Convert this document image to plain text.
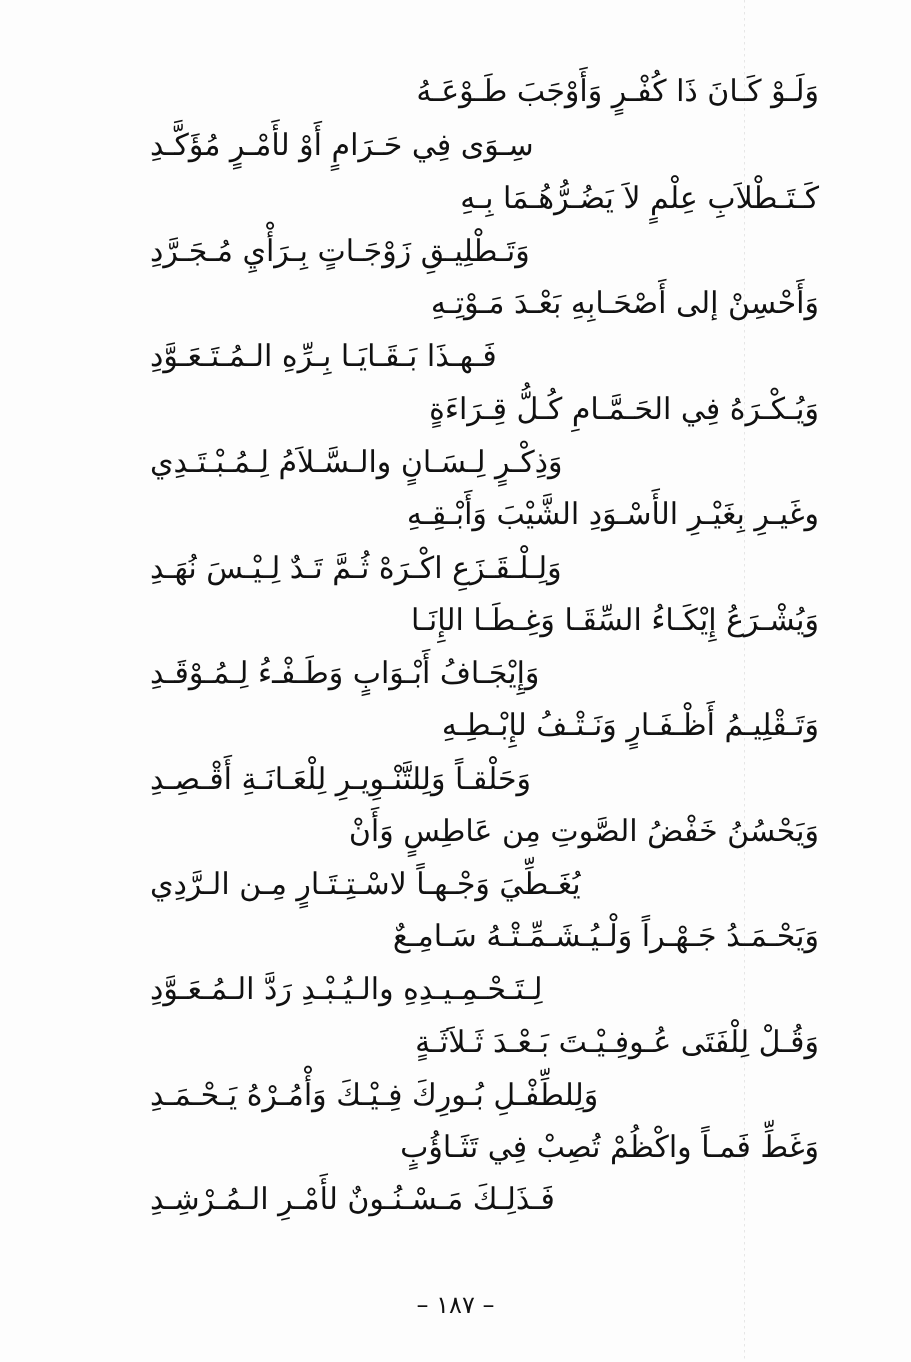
وَلَـوْ كَـانَ ذَا كُفْـرٍ وَأَوْجَبَ طَـوْعَـهُ
سِـوَى فِي حَـرَامٍ أَوْ لأَمْـرٍ مُؤَكَّـدِ
كَـتَـطْلاَبِ عِلْمٍ لاَ يَضُـرُّهُـمَا بِـهِ
وَتَـطْلِيـقِ زَوْجَـاتٍ بِـرَأْيِ مُـجَـرَّدِ
وَأَحْسِنْ إلى أَصْحَـابِهِ بَعْـدَ مَـوْتِـهِ
فَـهـذَا بَـقَـايَـا بِـرِّهِ الـمُـتَـعَـوَّدِ
وَيُـكْـرَهُ فِي الحَـمَّـامِ كُـلُّ قِـرَاءَةٍ
وَذِكْـرٍ لِـسَـانٍ والـسَّـلاَمُ لِـمُـبْـتَـدِي
وغَيـرِ بِغَيْـرِ الأَسْـوَدِ الشَّيْبَ وَأَبْـقِـهِ
وَلِـلْـقَـزَعِ اكْـرَهْ ثُـمَّ تَـدٌ لِـيْـسَ نُهَـدِ
وَيُشْـرَعُ إِيْكَـاءُ السِّقَـا وَغِـطَـا الإِنَـا
وَإِيْجَـافُ أَبْـوَابٍ وَطَـفْـءُ لِـمُـوْقَـدِ
وَتَـقْلِيـمُ أَظْـفَـارٍ وَنَـتْـفُ لإِبْـطِـهِ
وَحَلْقـاً وَلِلتَّنْـوِيـرِ لِلْعَـانَـةِ أَقْـصِـدِ
وَيَحْسُنُ خَفْضُ الصَّوتِ مِن عَاطِسٍ وَأَنْ
يُغَـطِّيَ وَجْـهـاً لاسْـتِـتَـارٍ مِـن الـرَّدِي
وَيَحْـمَـدُ جَـهْـراً وَلْـيُـشَـمِّـتْـهُ سَـامِـعٌ
لِـتَـحْـمِـيـدِهِ والـيُـبْـدِ رَدَّ الـمُـعَـوَّدِ
وَقُـلْ لِلْفَتَى عُـوفِـيْـتَ بَـعْـدَ ثَـلاَثَـةٍ
وَلِلطِّفْـلِ بُـورِكَ فِـيْـكَ وَأْمُـرْهُ يَـحْـمَـدِ
وَغَطِّ فَمـاً واكْظُمْ تُصِبْ فِي تَثَـاؤُبٍ
فَـذَلِـكَ مَـسْـنُـونٌ لأَمْـرِ الـمُـرْشِـدِ
– ١٨٧ –
